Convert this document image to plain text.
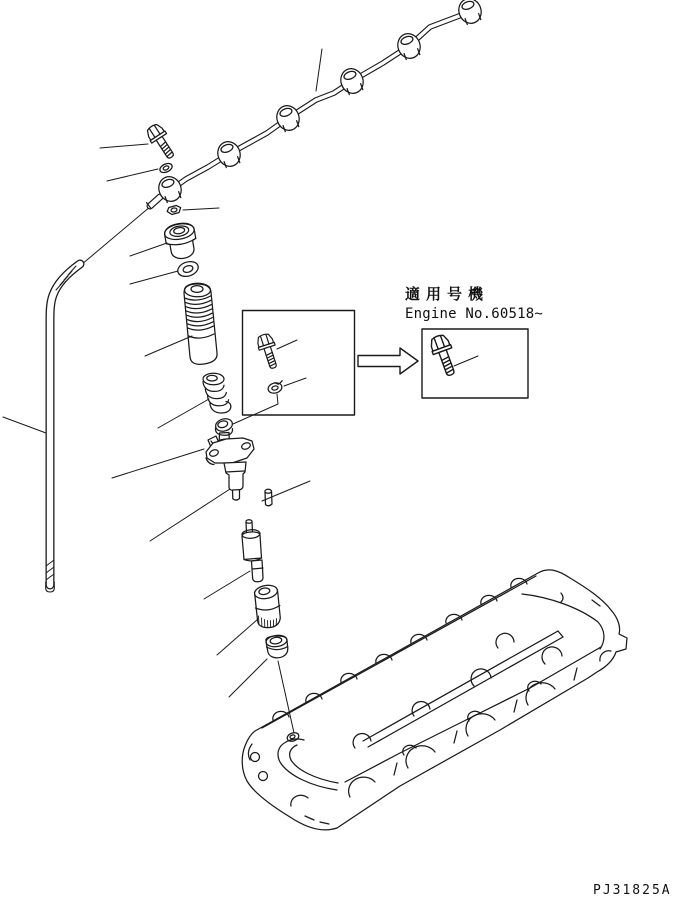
適用号機
Engine No.60518~
PJ31825A
